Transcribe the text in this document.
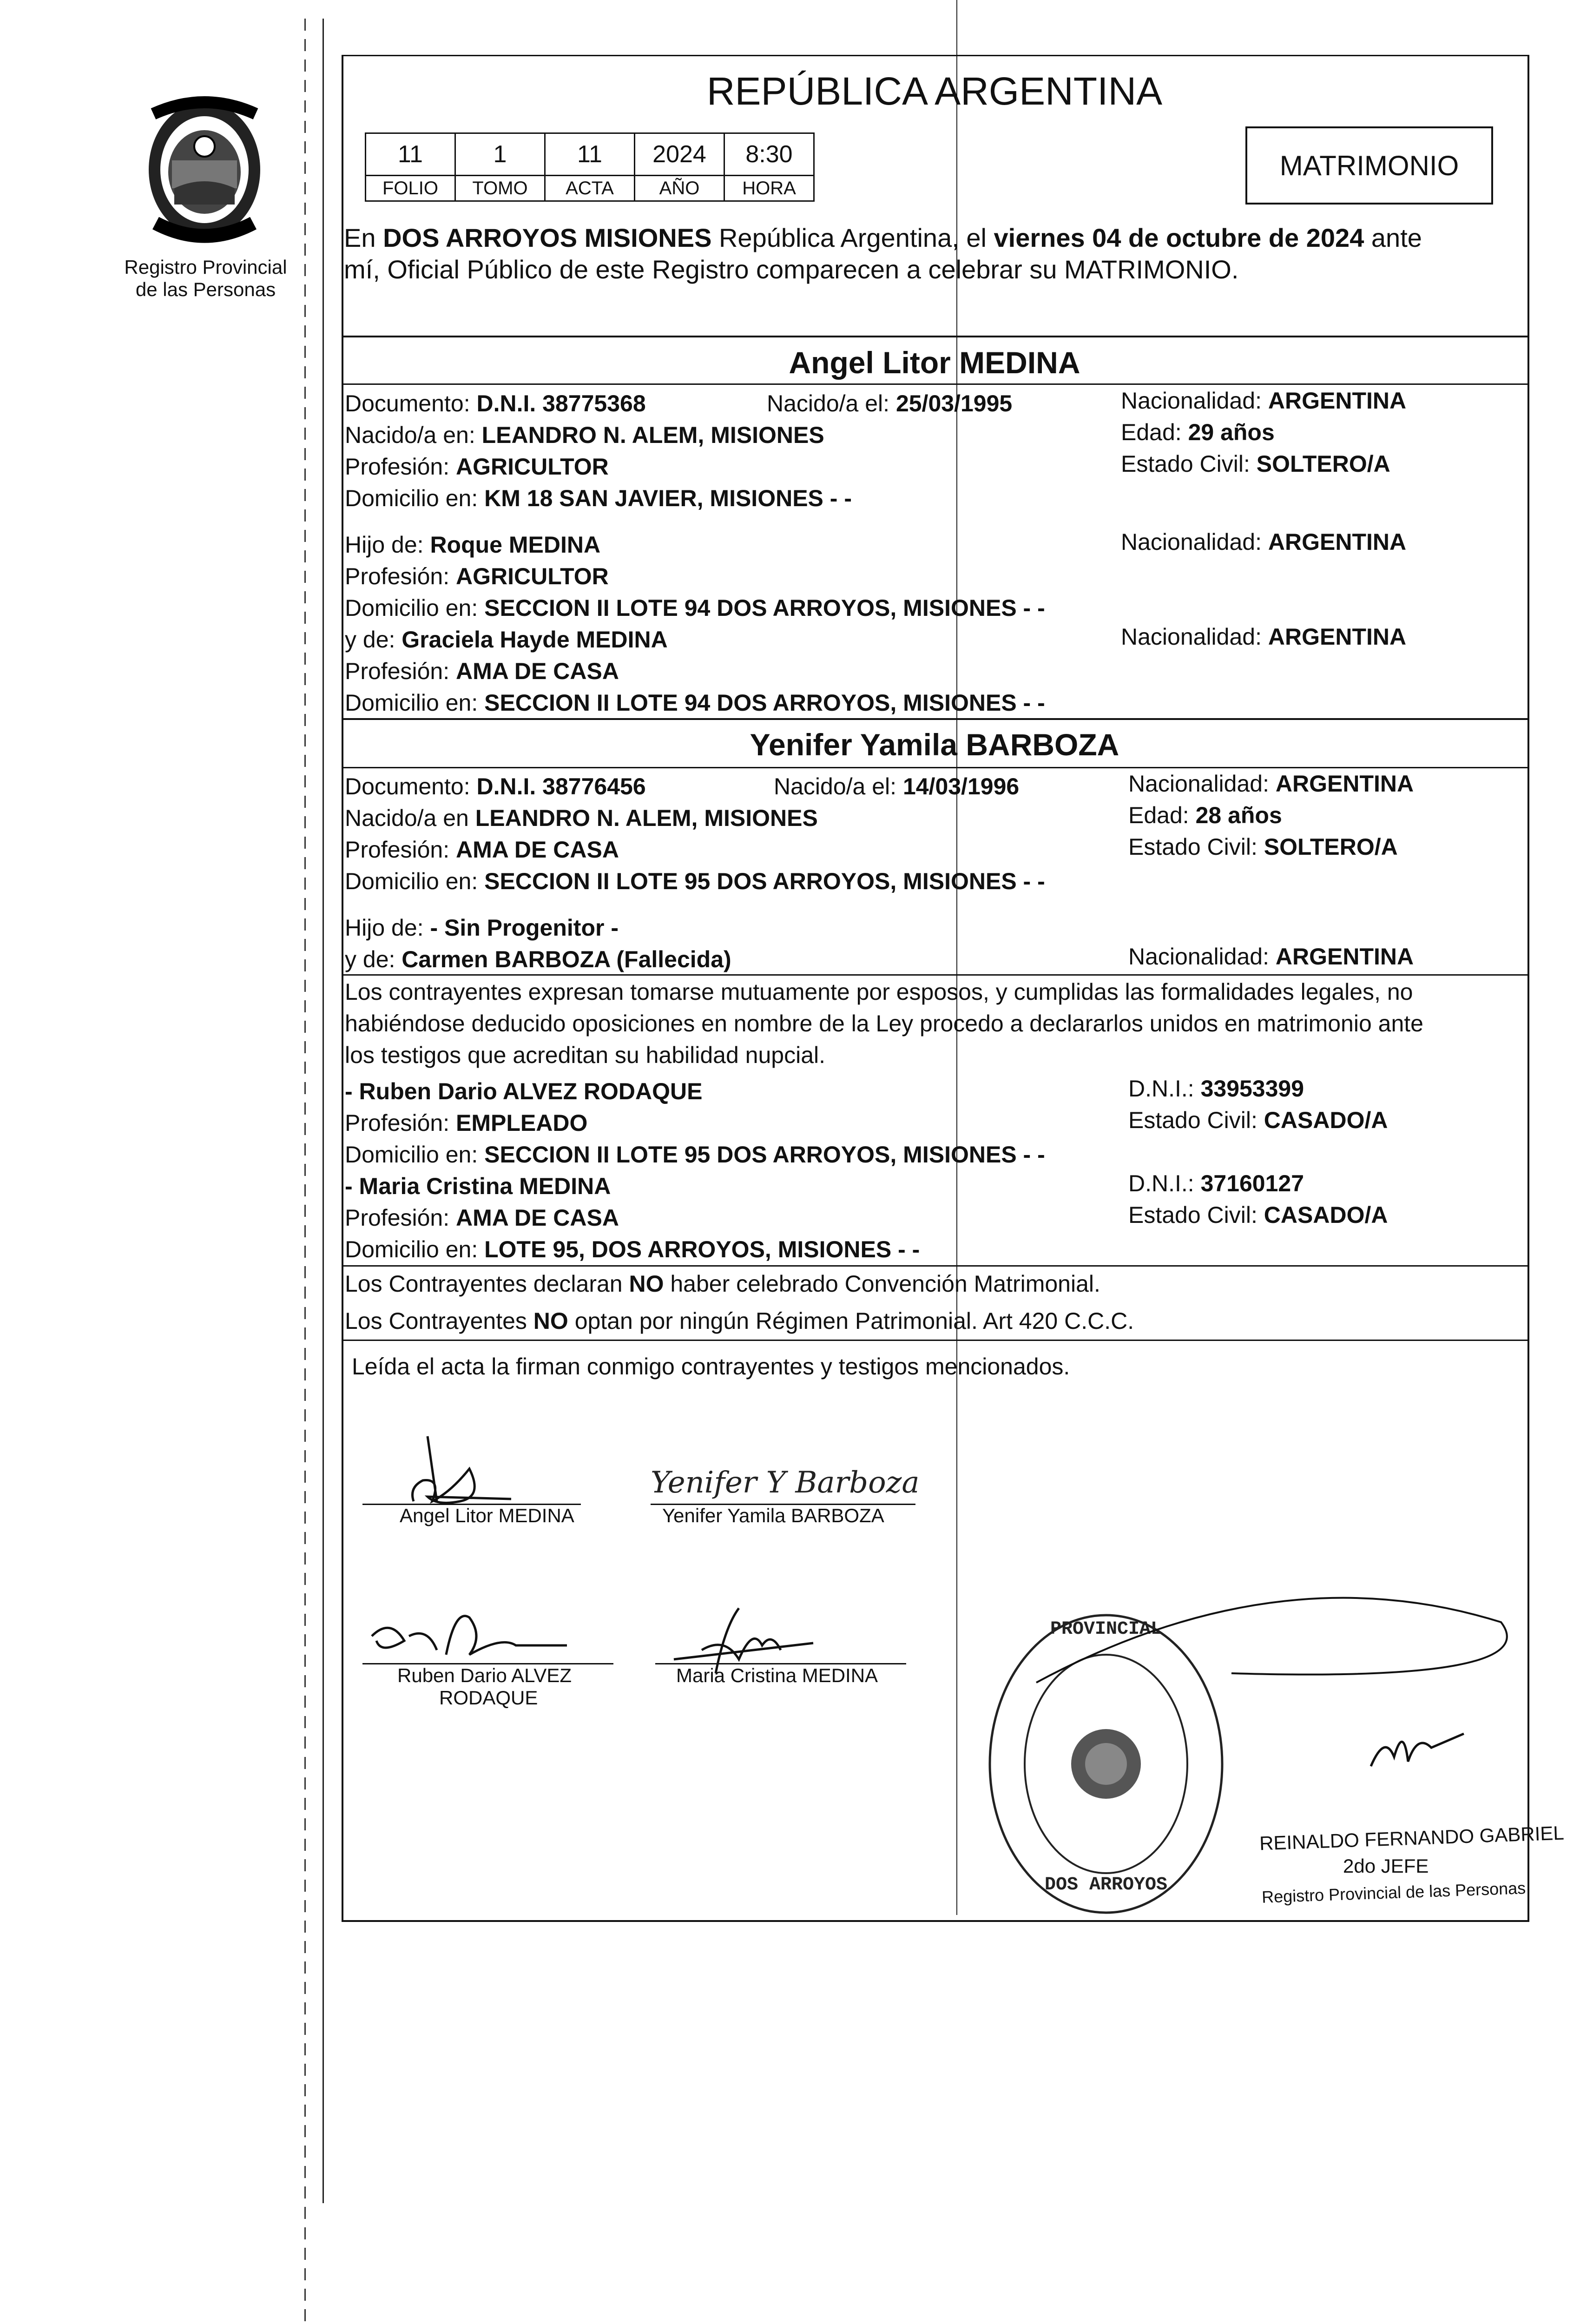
Registro Provincial
de las Personas
REPÚBLICA ARGENTINA
11	1	11	2024	8:30
FOLIO	TOMO	ACTA	AÑO	HORA
MATRIMONIO
En DOS ARROYOS MISIONES República Argentina, el viernes 04 de octubre de 2024 ante
mí, Oficial Público de este Registro comparecen a celebrar su MATRIMONIO.
Angel Litor MEDINA
Documento: D.N.I. 38775368	Nacido/a el: 25/03/1995	Nacionalidad: ARGENTINA
Nacido/a en: LEANDRO N. ALEM, MISIONES	Edad: 29 años
Profesión: AGRICULTOR	Estado Civil: SOLTERO/A
Domicilio en: KM 18 SAN JAVIER, MISIONES - -
Hijo de: Roque MEDINA	Nacionalidad: ARGENTINA
Profesión: AGRICULTOR
Domicilio en: SECCION II LOTE 94 DOS ARROYOS, MISIONES - -
y de: Graciela Hayde MEDINA	Nacionalidad: ARGENTINA
Profesión: AMA DE CASA
Domicilio en: SECCION II LOTE 94 DOS ARROYOS, MISIONES - -
Yenifer Yamila BARBOZA
Documento: D.N.I. 38776456	Nacido/a el: 14/03/1996	Nacionalidad: ARGENTINA
Nacido/a en LEANDRO N. ALEM, MISIONES	Edad: 28 años
Profesión: AMA DE CASA	Estado Civil: SOLTERO/A
Domicilio en: SECCION II LOTE 95 DOS ARROYOS, MISIONES - -
Hijo de: - Sin Progenitor -
y de: Carmen BARBOZA (Fallecida)	Nacionalidad: ARGENTINA
Los contrayentes expresan tomarse mutuamente por esposos, y cumplidas las formalidades legales, no
habiéndose deducido oposiciones en nombre de la Ley procedo a declararlos unidos en matrimonio ante
los testigos que acreditan su habilidad nupcial.
- Ruben Dario ALVEZ RODAQUE	D.N.I.: 33953399
Profesión: EMPLEADO	Estado Civil: CASADO/A
Domicilio en: SECCION II LOTE 95 DOS ARROYOS, MISIONES - -
- Maria Cristina MEDINA	D.N.I.: 37160127
Profesión: AMA DE CASA	Estado Civil: CASADO/A
Domicilio en: LOTE 95, DOS ARROYOS, MISIONES - -
Los Contrayentes declaran NO haber celebrado Convención Matrimonial.
Los Contrayentes NO optan por ningún Régimen Patrimonial. Art 420 C.C.C.
Leída el acta la firman conmigo contrayentes y testigos mencionados.
Angel Litor MEDINA
Yenifer Y Barboza
Yenifer Yamila BARBOZA
Ruben Dario ALVEZ
RODAQUE
Maria Cristina MEDINA
PROVINCIAL
DOS ARROYOS
REINALDO FERNANDO GABRIEL
2do JEFE
Registro Provincial de las Personas
